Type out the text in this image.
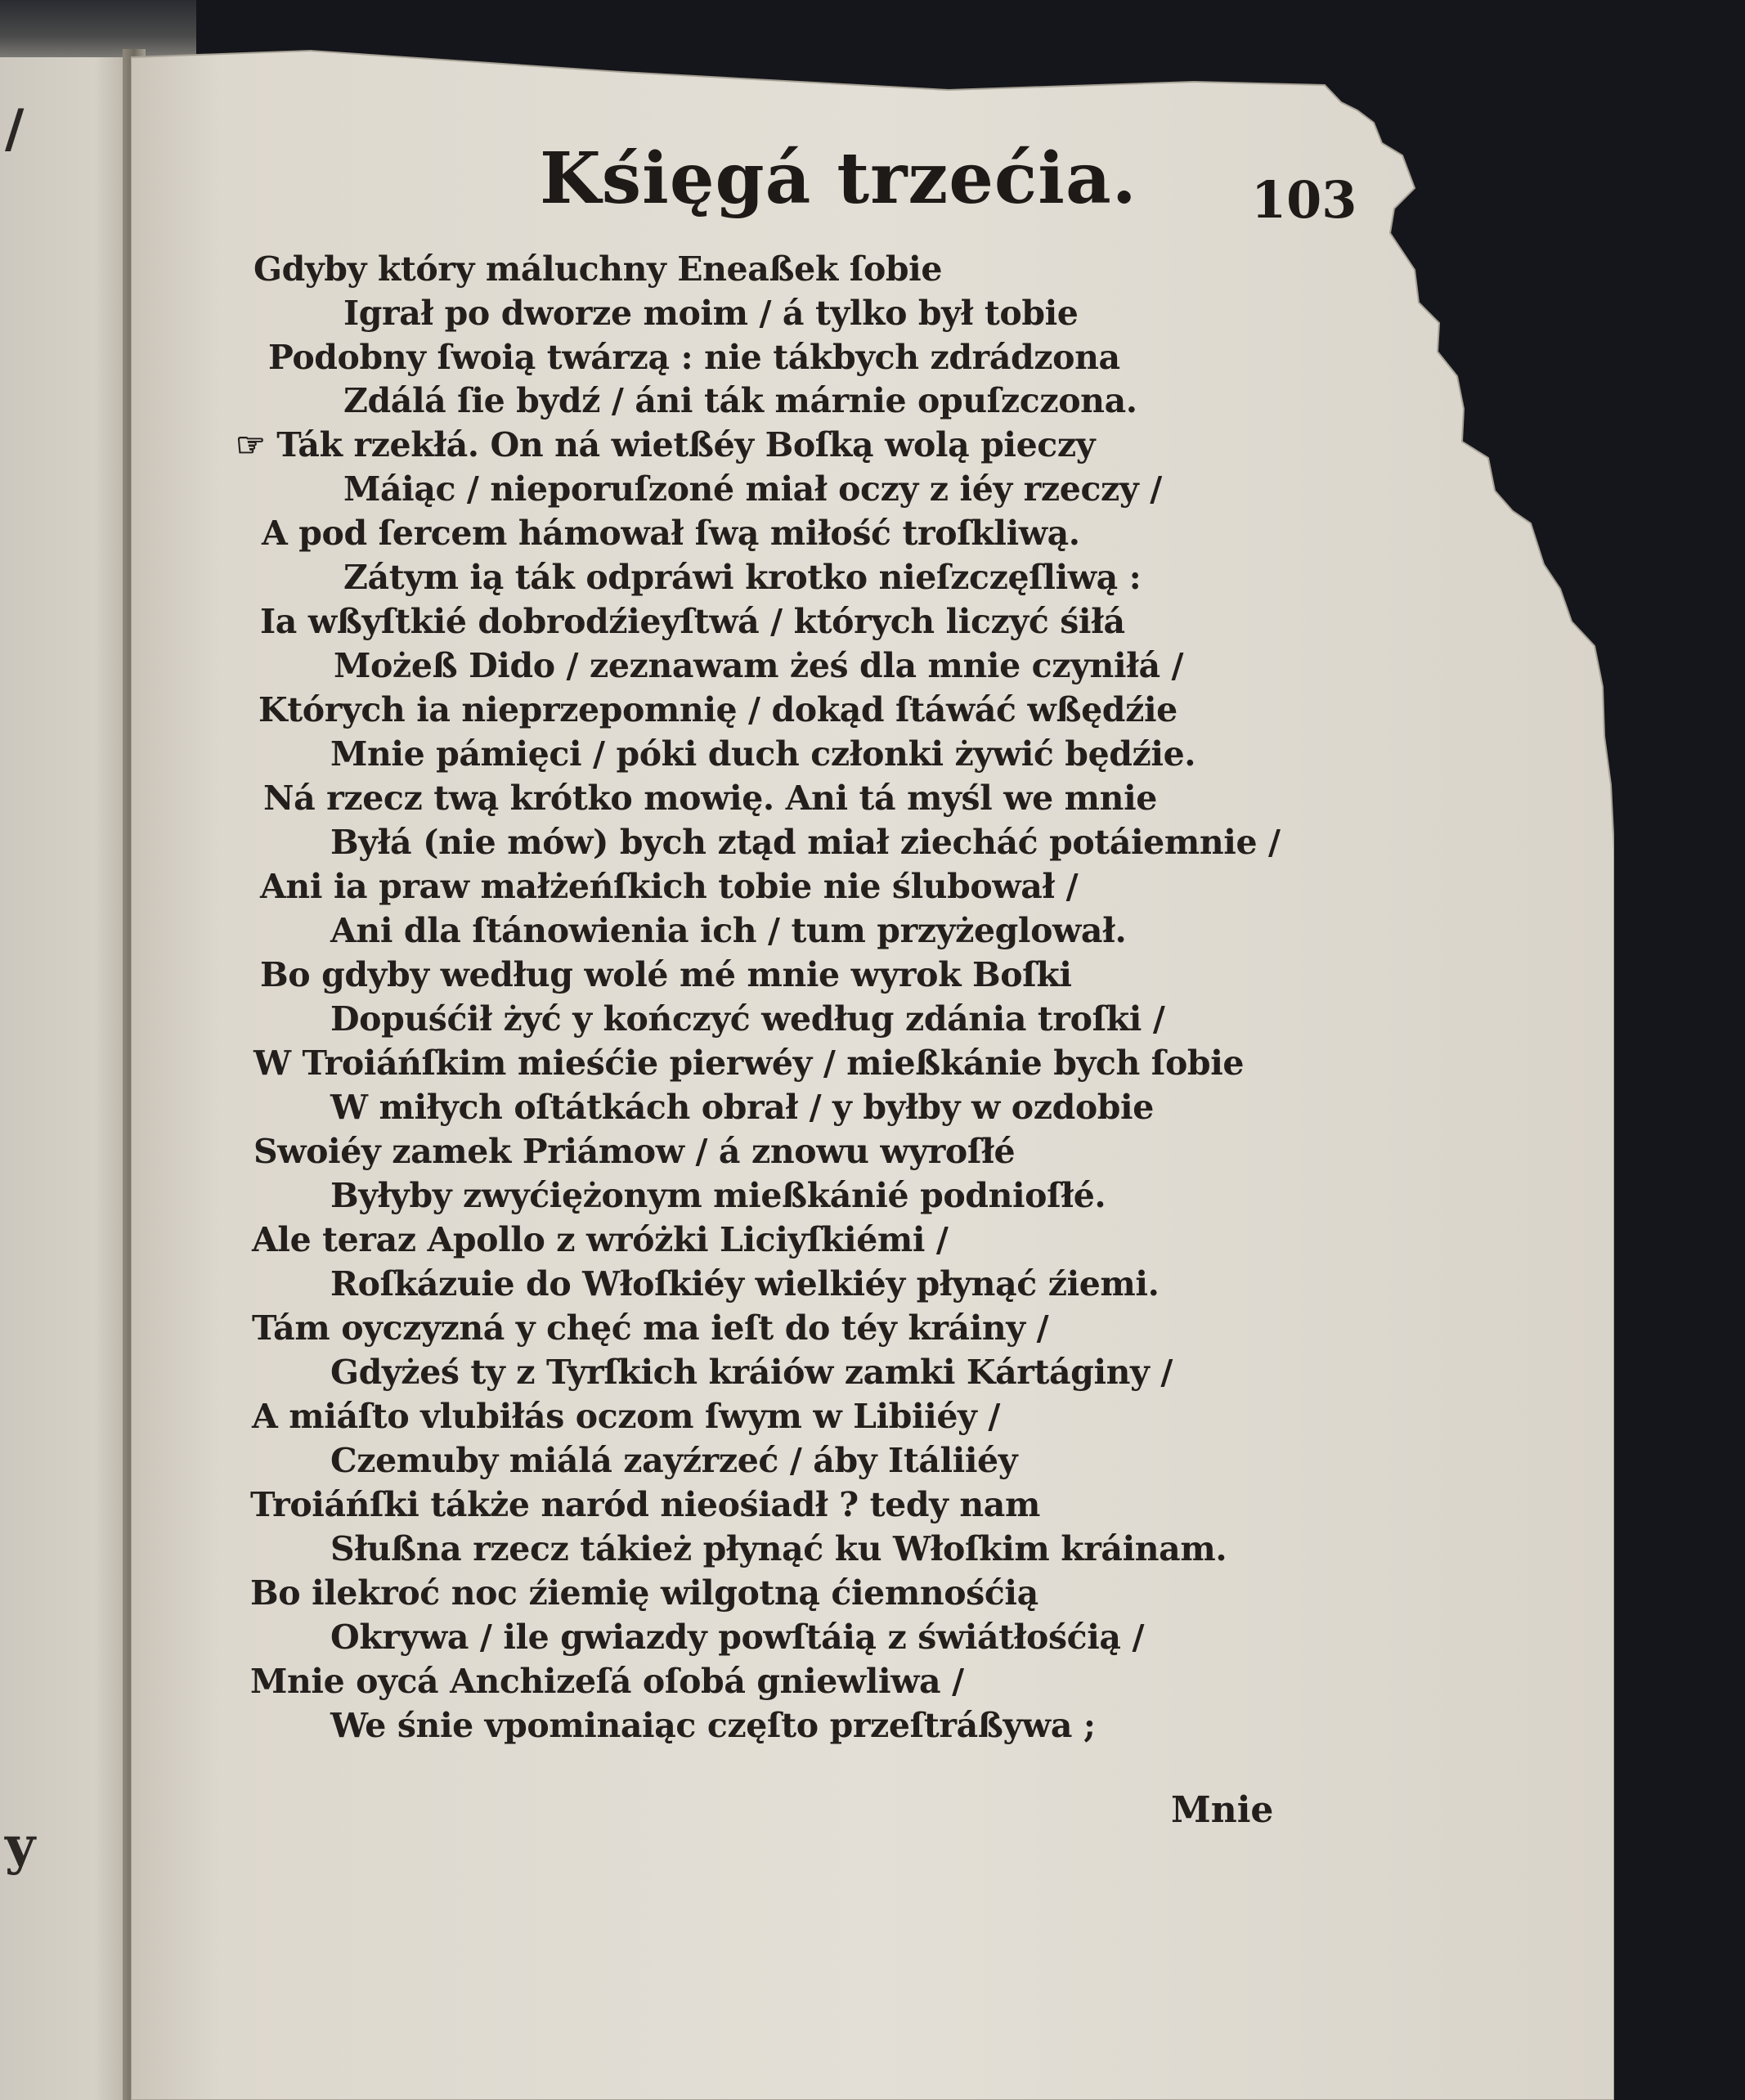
/
y
Kśięgá trzećia. 103
Gdyby który máluchny Eneaßek ſobie
Igrał po dworze moim / á tylko był tobie
Podobny ſwoią twárzą : nie tákbych zdrádzona
Zdálá ſie bydź / áni ták márnie opuſzczona.
☞ Ták rzekłá. On ná wietßéy Boſką wolą pieczy
Máiąc / nieporuſzoné miał oczy z iéy rzeczy /
A pod ſercem hámował ſwą miłość troſkliwą.
Zátym ią ták odpráwi krotko nieſzczęſliwą :
Ia wßyſtkié dobrodźieyſtwá / których liczyć śiłá
Możeß Dido / zeznawam żeś dla mnie czyniłá /
Których ia nieprzepomnię / dokąd ſtáwáć wßędźie
Mnie pámięci / póki duch członki żywić będźie.
Ná rzecz twą krótko mowię. Ani tá myśl we mnie
Byłá (nie mów) bych ztąd miał ziecháć potáiemnie /
Ani ia praw małżeńſkich tobie nie ślubował /
Ani dla ſtánowienia ich / tum przyżeglował.
Bo gdyby według wolé mé mnie wyrok Boſki
Dopuśćił żyć y kończyć według zdánia troſki /
W Troiáńſkim mieśćie pierwéy / mießkánie bych ſobie
W miłych oſtátkách obrał / y byłby w ozdobie
Swoiéy zamek Priámow / á znowu wyroſłé
Byłyby zwyćiężonym mießkánié podnioſłé.
Ale teraz Apollo z wróżki Liciyſkiémi /
Roſkázuie do Włoſkiéy wielkiéy płynąć źiemi.
Tám oyczyzná y chęć ma ieſt do téy kráiny /
Gdyżeś ty z Tyrſkich kráiów zamki Kártáginy /
A miáſto vlubiłás oczom ſwym w Libiiéy /
Czemuby miálá zayźrzeć / áby Itáliiéy
Troiáńſki tákże naród nieośiadł ? tedy nam
Słußna rzecz tákież płynąć ku Włoſkim kráinam.
Bo ilekroć noc źiemię wilgotną ćiemnośćią
Okrywa / ile gwiazdy powſtáią z świátłośćią /
Mnie oycá Anchizeſá oſobá gniewliwa /
We śnie vpominaiąc częſto przeſtráßywa ;
Mnie
